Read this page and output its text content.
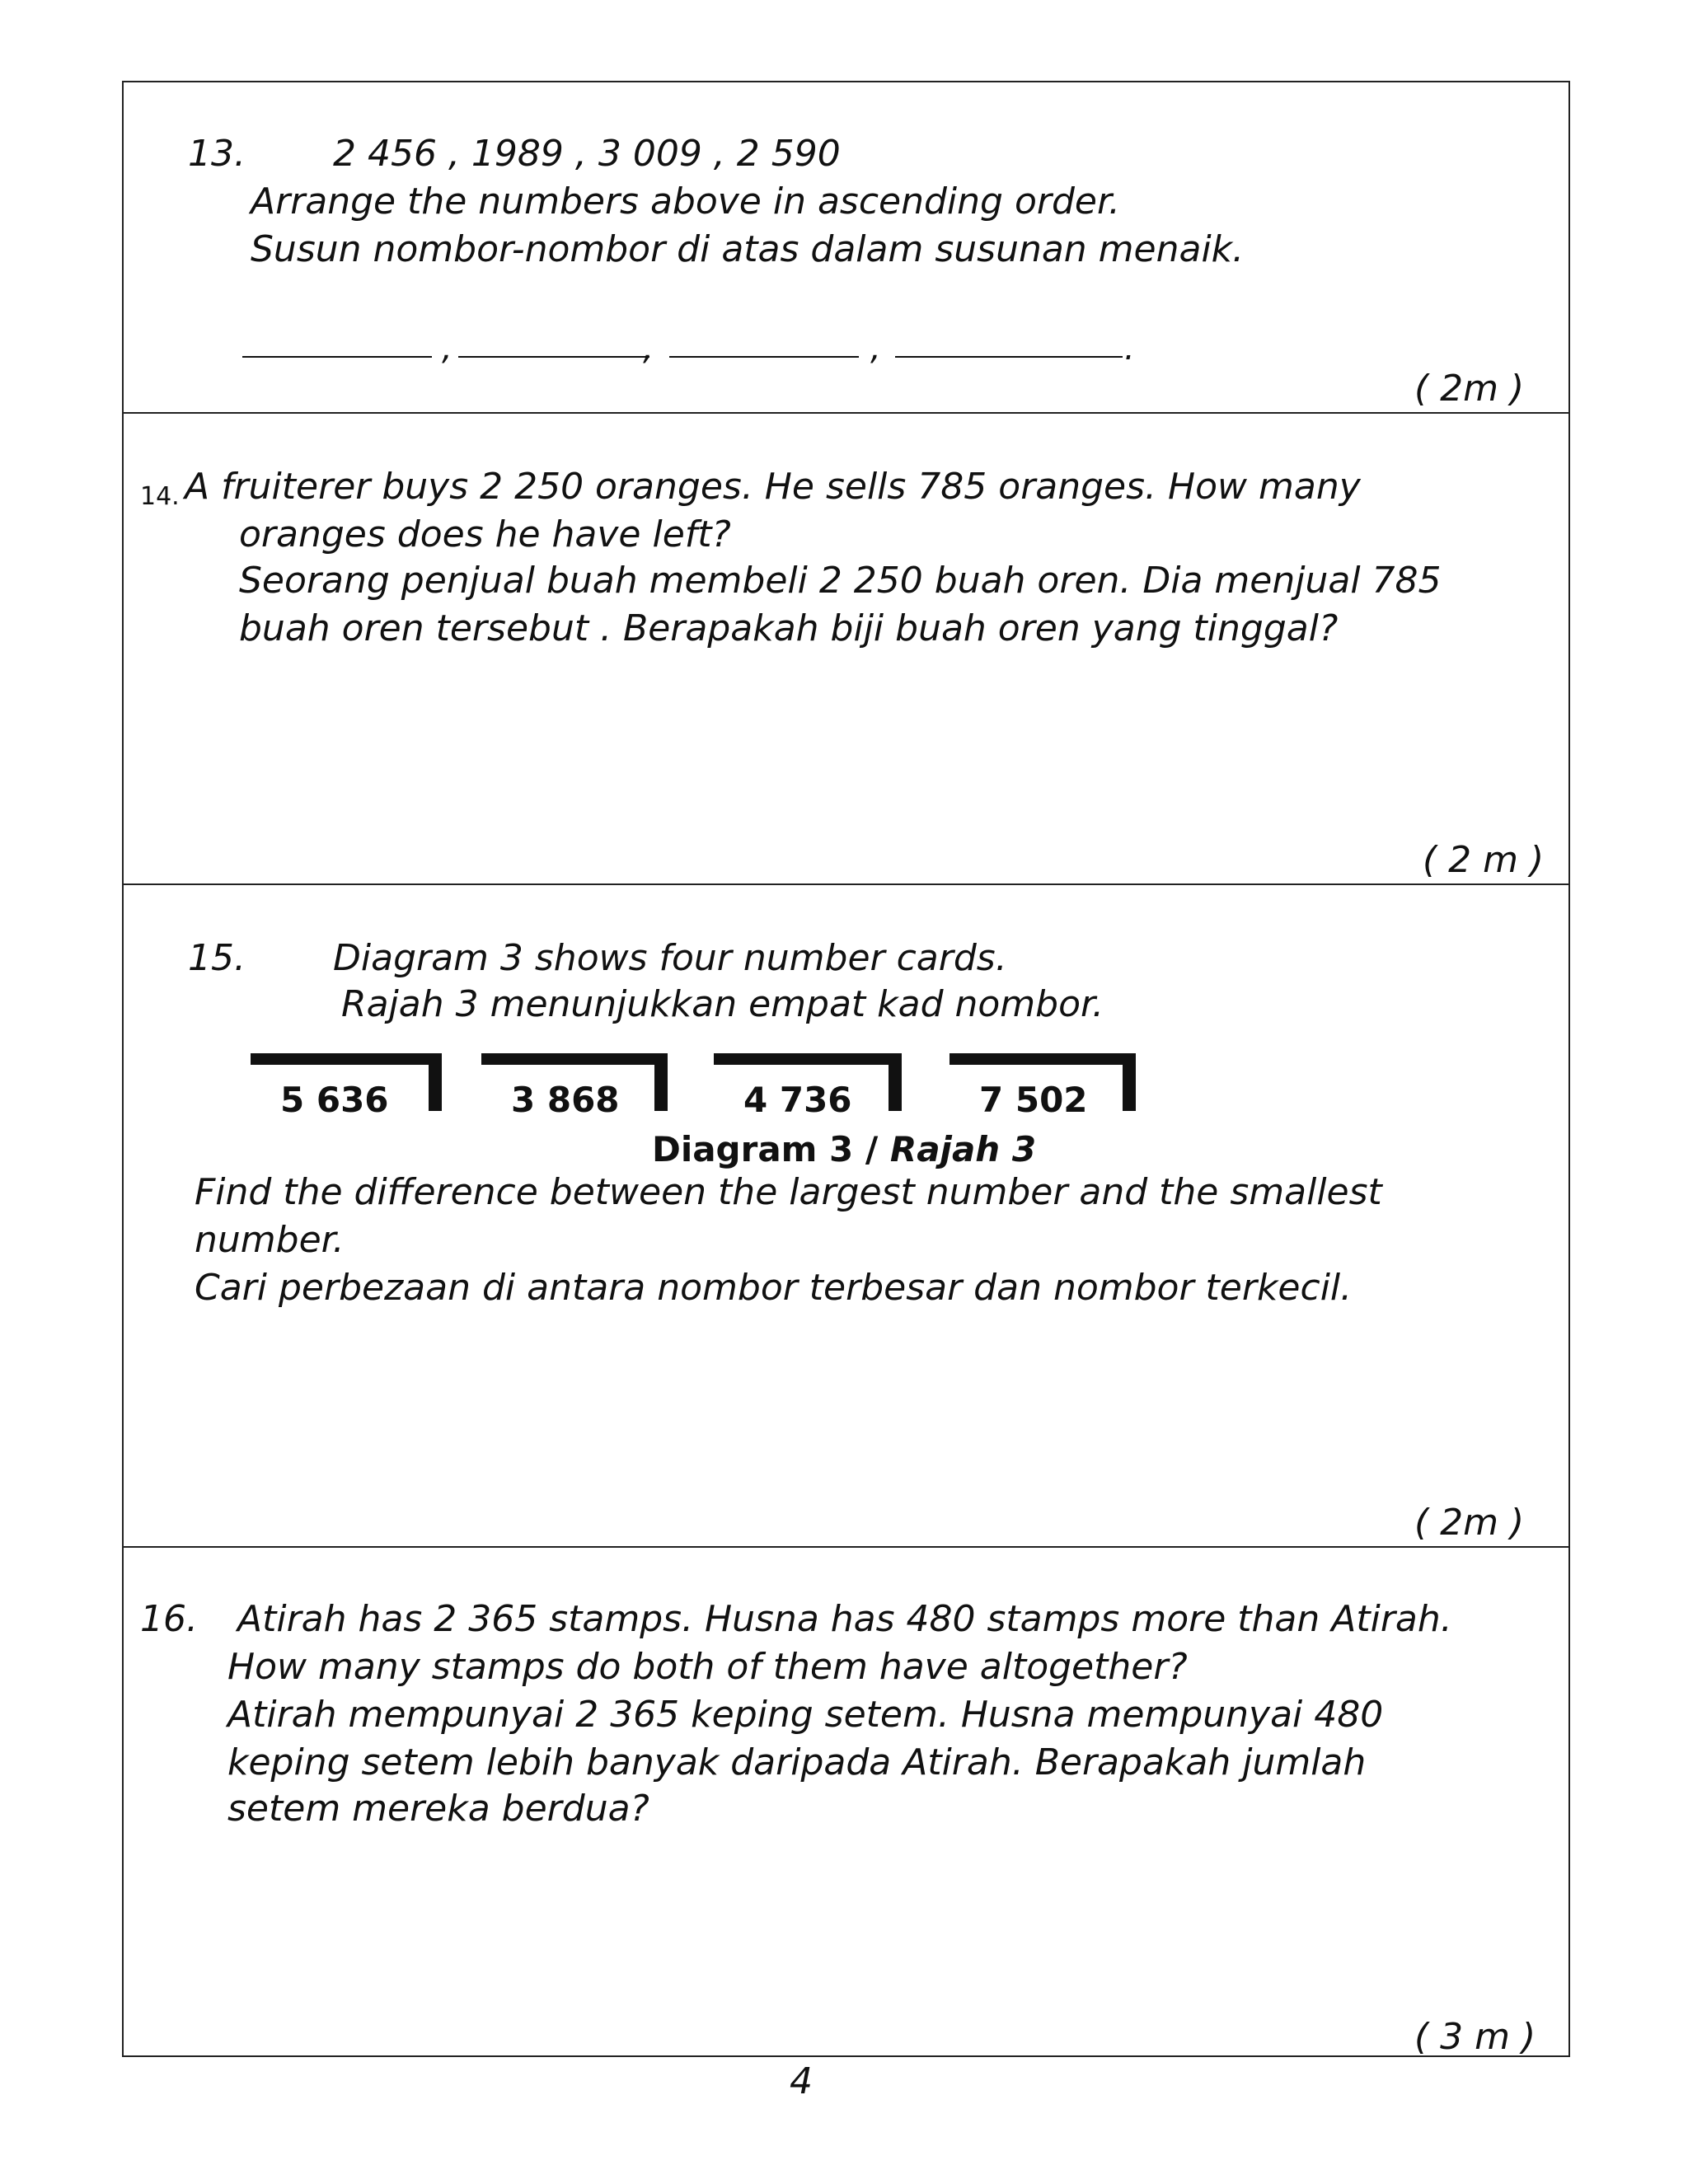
13. 2 456 , 1989 , 3 009 , 2 590
Arrange the numbers above in ascending order.
Susun nombor-nombor di atas dalam susunan menaik.
,	,	,	.
( 2m )
14. A fruiterer buys 2 250 oranges. He sells 785 oranges. How many
oranges does he have left?
Seorang penjual buah membeli 2 250 buah oren. Dia menjual 785
buah oren tersebut . Berapakah biji buah oren yang tinggal?
( 2 m )
15. Diagram 3 shows four number cards.
Rajah 3 menunjukkan empat kad nombor.
5 636	3 868	4 736	7 502
Diagram 3 / Rajah 3
Find the difference between the largest number and the smallest
number.
Cari perbezaan di antara nombor terbesar dan nombor terkecil.
( 2m )
16. Atirah has 2 365 stamps. Husna has 480 stamps more than Atirah.
How many stamps do both of them have altogether?
Atirah mempunyai 2 365 keping setem. Husna mempunyai 480
keping setem lebih banyak daripada Atirah. Berapakah jumlah
setem mereka berdua?
( 3 m )
4
